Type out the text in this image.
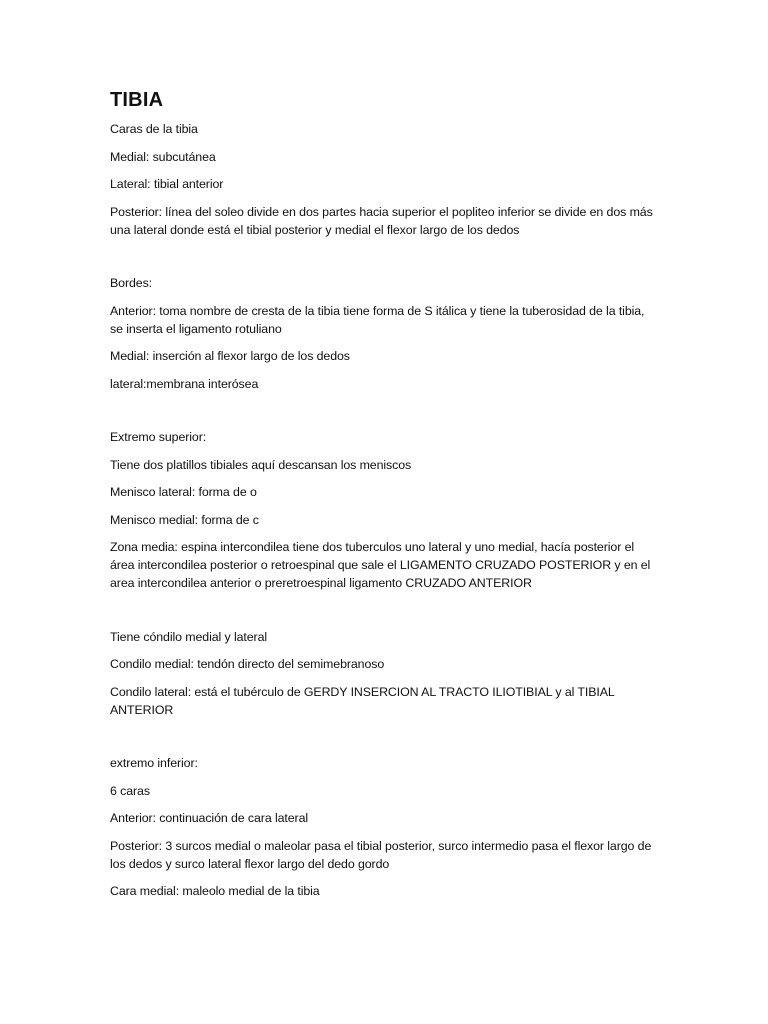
TIBIA

Caras de la tibia

Medial: subcutánea

Lateral: tibial anterior

Posterior: línea del soleo divide en dos partes hacia superior el popliteo inferior se divide en dos más una lateral donde está el tibial posterior y medial el flexor largo de los dedos

Bordes:

Anterior: toma nombre de cresta de la tibia tiene forma de S itálica y tiene la tuberosidad de la tibia, se inserta el ligamento rotuliano

Medial: inserción al flexor largo de los dedos

lateral:membrana interósea

Extremo superior:

Tiene dos platillos tibiales aquí descansan los meniscos

Menisco lateral: forma de o

Menisco medial: forma de c

Zona media: espina intercondilea tiene dos tuberculos uno lateral y uno medial, hacía posterior el área intercondilea posterior o retroespinal que sale el LIGAMENTO CRUZADO POSTERIOR y en el area intercondilea anterior o preretroespinal ligamento CRUZADO ANTERIOR

Tiene cóndilo medial y lateral

Condilo medial: tendón directo del semimebranoso

Condilo lateral: está el tubérculo de GERDY INSERCION AL TRACTO ILIOTIBIAL y al TIBIAL ANTERIOR

extremo inferior:

6 caras

Anterior: continuación de cara lateral

Posterior: 3 surcos medial o maleolar pasa el tibial posterior, surco intermedio pasa el flexor largo de los dedos y surco lateral flexor largo del dedo gordo

Cara medial: maleolo medial de la tibia
